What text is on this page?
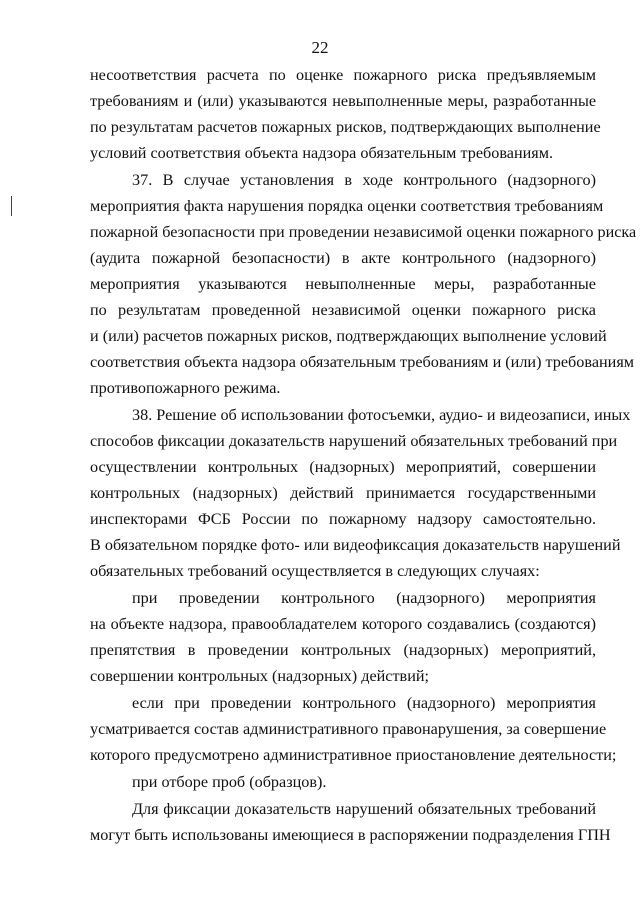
22
несоответствия расчета по оценке пожарного риска предъявляемым
требованиям и (или) указываются невыполненные меры, разработанные
по результатам расчетов пожарных рисков, подтверждающих выполнение
условий соответствия объекта надзора обязательным требованиям.
37. В случае установления в ходе контрольного (надзорного)
мероприятия факта нарушения порядка оценки соответствия требованиям
пожарной безопасности при проведении независимой оценки пожарного риска
(аудита пожарной безопасности) в акте контрольного (надзорного)
мероприятия указываются невыполненные меры, разработанные
по результатам проведенной независимой оценки пожарного риска
и (или) расчетов пожарных рисков, подтверждающих выполнение условий
соответствия объекта надзора обязательным требованиям и (или) требованиям
противопожарного режима.
38. Решение об использовании фотосъемки, аудио- и видеозаписи, иных
способов фиксации доказательств нарушений обязательных требований при
осуществлении контрольных (надзорных) мероприятий, совершении
контрольных (надзорных) действий принимается государственными
инспекторами ФСБ России по пожарному надзору самостоятельно.
В обязательном порядке фото- или видеофиксация доказательств нарушений
обязательных требований осуществляется в следующих случаях:
при проведении контрольного (надзорного) мероприятия
на объекте надзора, правообладателем которого создавались (создаются)
препятствия в проведении контрольных (надзорных) мероприятий,
совершении контрольных (надзорных) действий;
если при проведении контрольного (надзорного) мероприятия
усматривается состав административного правонарушения, за совершение
которого предусмотрено административное приостановление деятельности;
при отборе проб (образцов).
Для фиксации доказательств нарушений обязательных требований
могут быть использованы имеющиеся в распоряжении подразделения ГПН
